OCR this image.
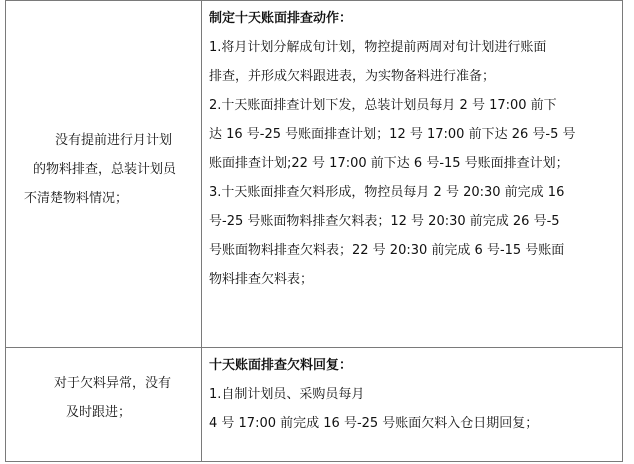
没有提前进行月计划
的物料排查，总装计划员
不清楚物料情况；
制定十天账面排查动作：
1.将月计划分解成旬计划，物控提前两周对旬计划进行账面
排查，并形成欠料跟进表，为实物备料进行准备；
2.十天账面排查计划下发，总装计划员每月 2 号 17:00 前下
达 16 号-25 号账面排查计划；12 号 17:00 前下达 26 号-5 号
账面排查计划;22 号 17:00 前下达 6 号-15 号账面排查计划；
3.十天账面排查欠料形成，物控员每月 2 号 20:30 前完成 16
号-25 号账面物料排查欠料表；12 号 20:30 前完成 26 号-5
号账面物料排查欠料表；22 号 20:30 前完成 6 号-15 号账面
物料排查欠料表；
对于欠料异常，没有
及时跟进；
十天账面排查欠料回复：
1.自制计划员、采购员每月
4 号 17:00 前完成 16 号-25 号账面欠料入仓日期回复；
